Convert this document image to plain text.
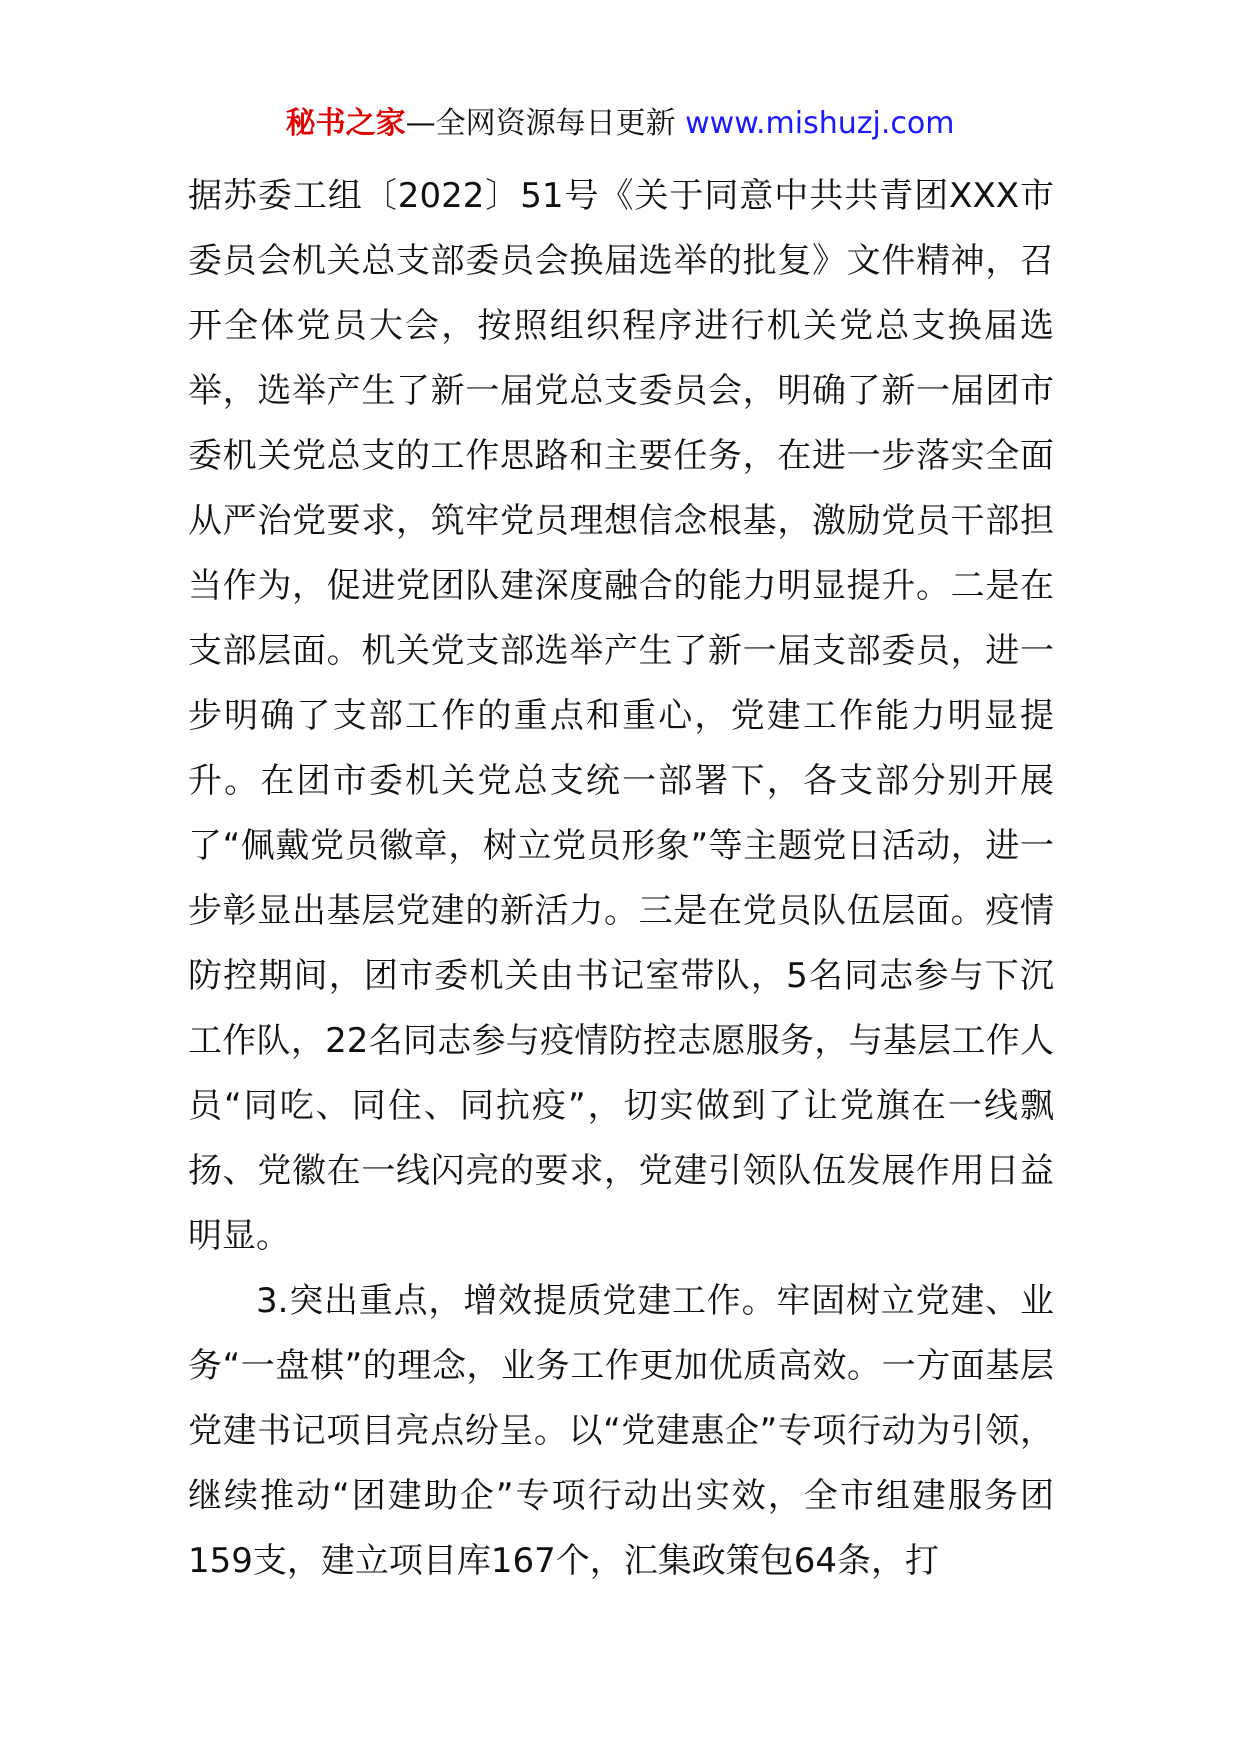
秘书之家—全网资源每日更新 www.mishuzj.com

据苏委工组〔2022〕51号《关于同意中共共青团XXX市委员会机关总支部委员会换届选举的批复》文件精神，召开全体党员大会，按照组织程序进行机关党总支换届选举，选举产生了新一届党总支委员会，明确了新一届团市委机关党总支的工作思路和主要任务，在进一步落实全面从严治党要求，筑牢党员理想信念根基，激励党员干部担当作为，促进党团队建深度融合的能力明显提升。二是在支部层面。机关党支部选举产生了新一届支部委员，进一步明确了支部工作的重点和重心，党建工作能力明显提升。在团市委机关党总支统一部署下，各支部分别开展了“佩戴党员徽章，树立党员形象”等主题党日活动，进一步彰显出基层党建的新活力。三是在党员队伍层面。疫情防控期间，团市委机关由书记室带队，5名同志参与下沉工作队，22名同志参与疫情防控志愿服务，与基层工作人员“同吃、同住、同抗疫”，切实做到了让党旗在一线飘扬、党徽在一线闪亮的要求，党建引领队伍发展作用日益明显。

3.突出重点，增效提质党建工作。牢固树立党建、业务“一盘棋”的理念，业务工作更加优质高效。一方面基层党建书记项目亮点纷呈。以“党建惠企”专项行动为引领，继续推动“团建助企”专项行动出实效，全市组建服务团159支，建立项目库167个，汇集政策包64条，打
